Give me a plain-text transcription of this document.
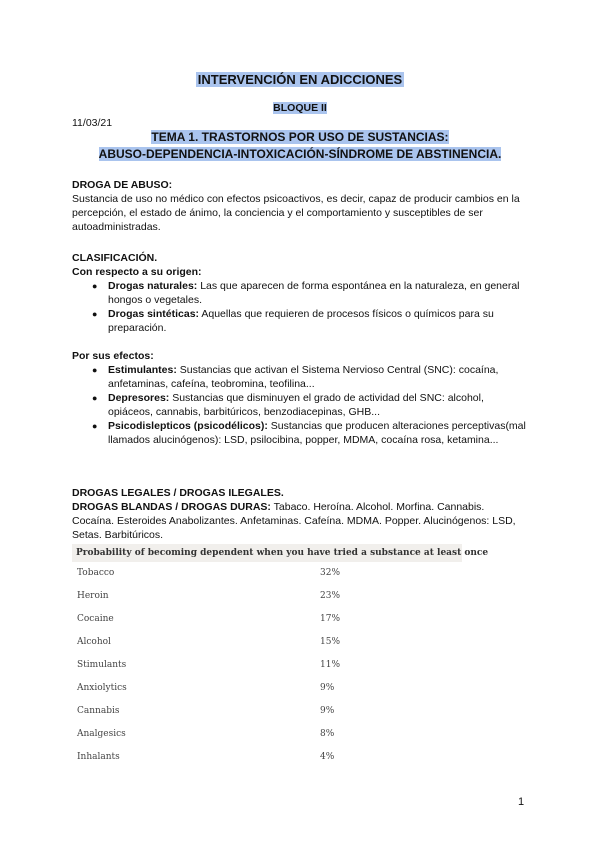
INTERVENCIÓN EN ADICCIONES
BLOQUE II
11/03/21
TEMA 1. TRASTORNOS POR USO DE SUSTANCIAS:
ABUSO-DEPENDENCIA-INTOXICACIÓN-SÍNDROME DE ABSTINENCIA.
DROGA DE ABUSO:
Sustancia de uso no médico con efectos psicoactivos, es decir, capaz de producir cambios en la percepción, el estado de ánimo, la conciencia y el comportamiento y susceptibles de ser autoadministradas.
CLASIFICACIÓN.
Con respecto a su origen:
● Drogas naturales: Las que aparecen de forma espontánea en la naturaleza, en general hongos o vegetales.
● Drogas sintéticas: Aquellas que requieren de procesos físicos o químicos para su preparación.
Por sus efectos:
● Estimulantes: Sustancias que activan el Sistema Nervioso Central (SNC): cocaína, anfetaminas, cafeína, teobromina, teofilina...
● Depresores: Sustancias que disminuyen el grado de actividad del SNC: alcohol, opiáceos, cannabis, barbitúricos, benzodiacepinas, GHB...
● Psicodislepticos (psicodélicos): Sustancias que producen alteraciones perceptivas(mal llamados alucinógenos): LSD, psilocibina, popper, MDMA, cocaína rosa, ketamina...
DROGAS LEGALES / DROGAS ILEGALES.
DROGAS BLANDAS / DROGAS DURAS: Tabaco. Heroína. Alcohol. Morfina. Cannabis. Cocaína. Esteroides Anabolizantes. Anfetaminas. Cafeína. MDMA. Popper. Alucinógenos: LSD, Setas. Barbitúricos.
Probability of becoming dependent when you have tried a substance at least once
Tobacco	32%
Heroin	23%
Cocaine	17%
Alcohol	15%
Stimulants	11%
Anxiolytics	9%
Cannabis	9%
Analgesics	8%
Inhalants	4%
1
